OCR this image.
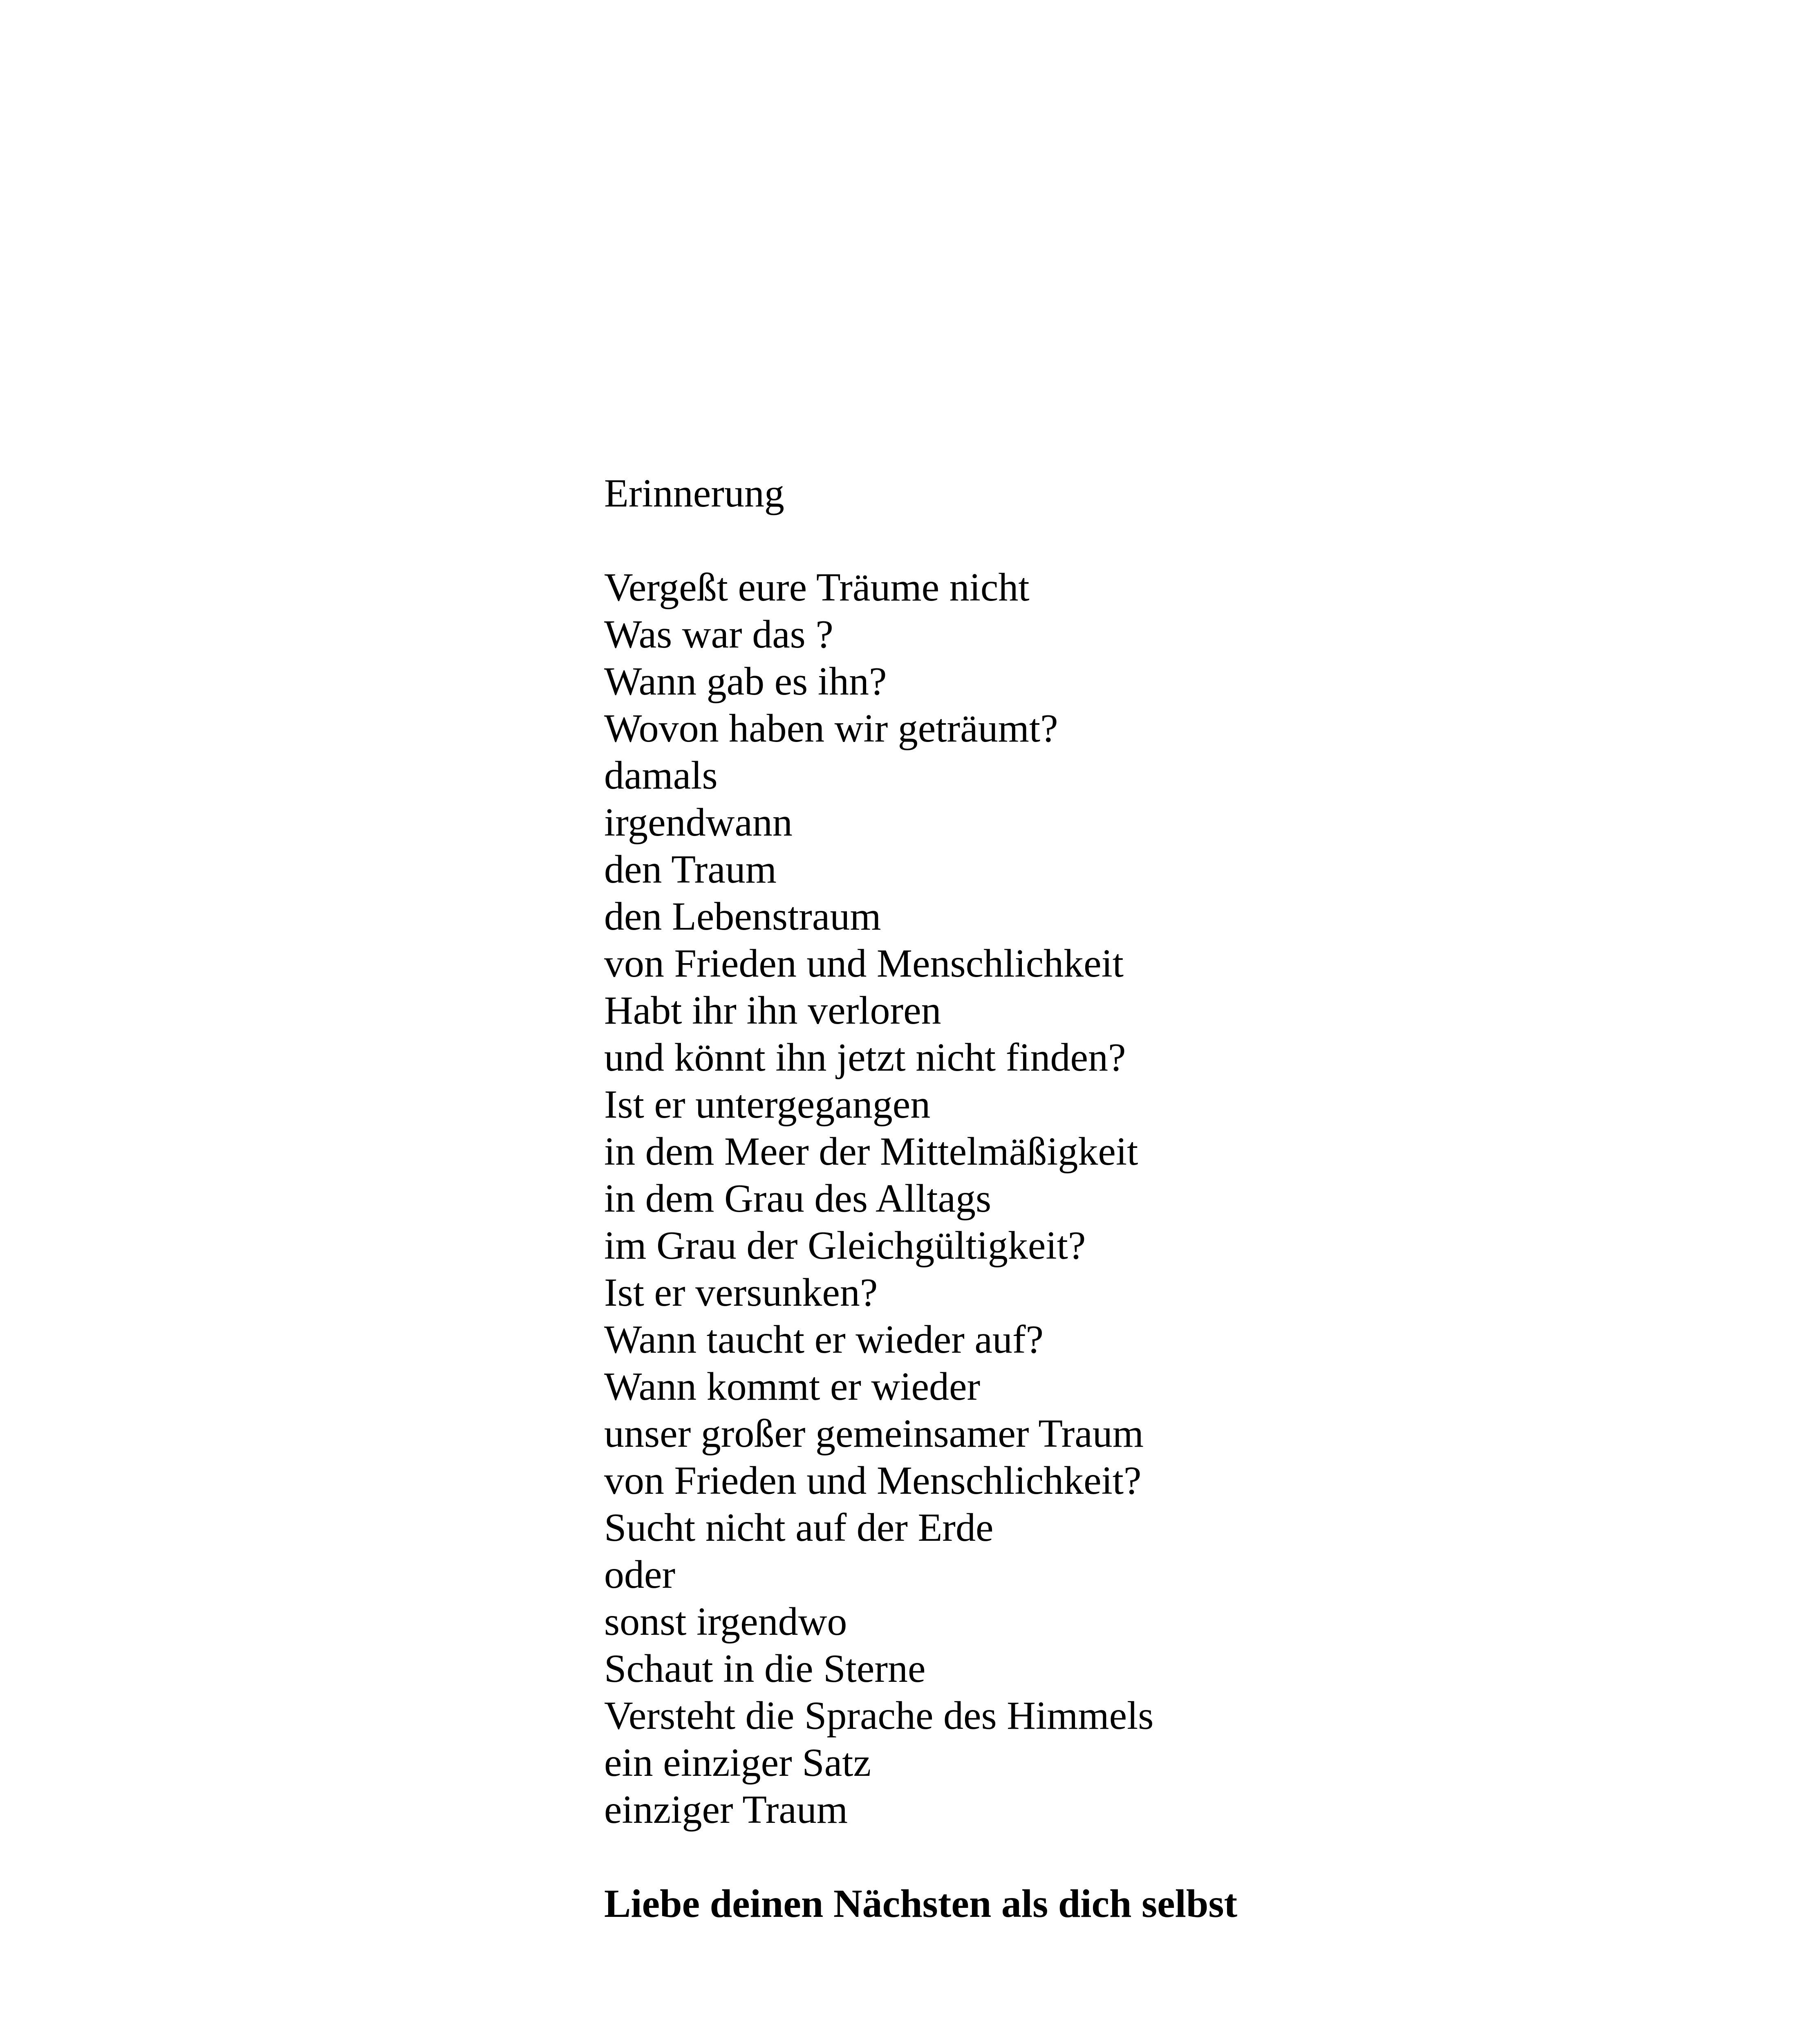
Erinnerung
Vergeßt eure Träume nicht
Was war das ?
Wann gab es ihn?
Wovon haben wir geträumt?
damals
irgendwann
den Traum
den Lebenstraum
von Frieden und Menschlichkeit
Habt ihr ihn verloren
und könnt ihn jetzt nicht finden?
Ist er untergegangen
in dem Meer der Mittelmäßigkeit
in dem Grau des Alltags
im Grau der Gleichgültigkeit?
Ist er versunken?
Wann taucht er wieder auf?
Wann kommt er wieder
unser großer gemeinsamer Traum
von Frieden und Menschlichkeit?
Sucht nicht auf der Erde
oder
sonst irgendwo
Schaut in die Sterne
Versteht die Sprache des Himmels
ein einziger Satz
einziger Traum
Liebe deinen Nächsten als dich selbst
